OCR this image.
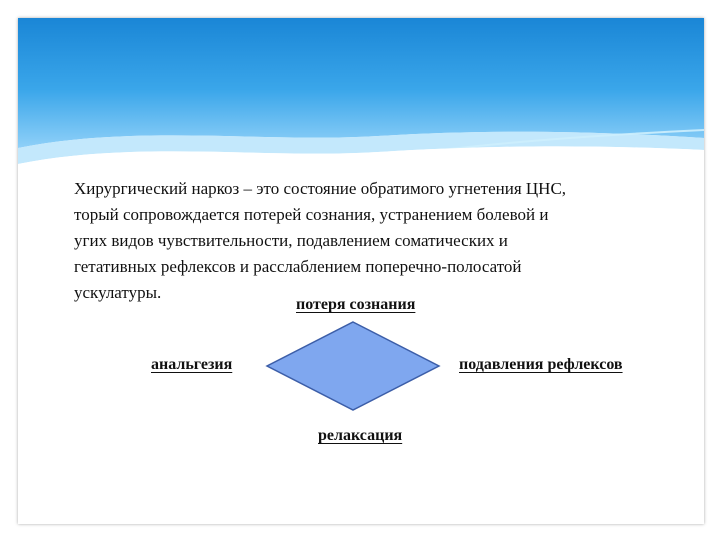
Хирургический наркоз – это состояние обратимого угнетения ЦНС,
торый сопровождается потерей сознания, устранением болевой и
угих видов чувствительности, подавлением соматических и
гетативных рефлексов и расслаблением поперечно-полосатой
ускулатуры.
потеря сознания
анальгезия	подавления рефлексов
релаксация
